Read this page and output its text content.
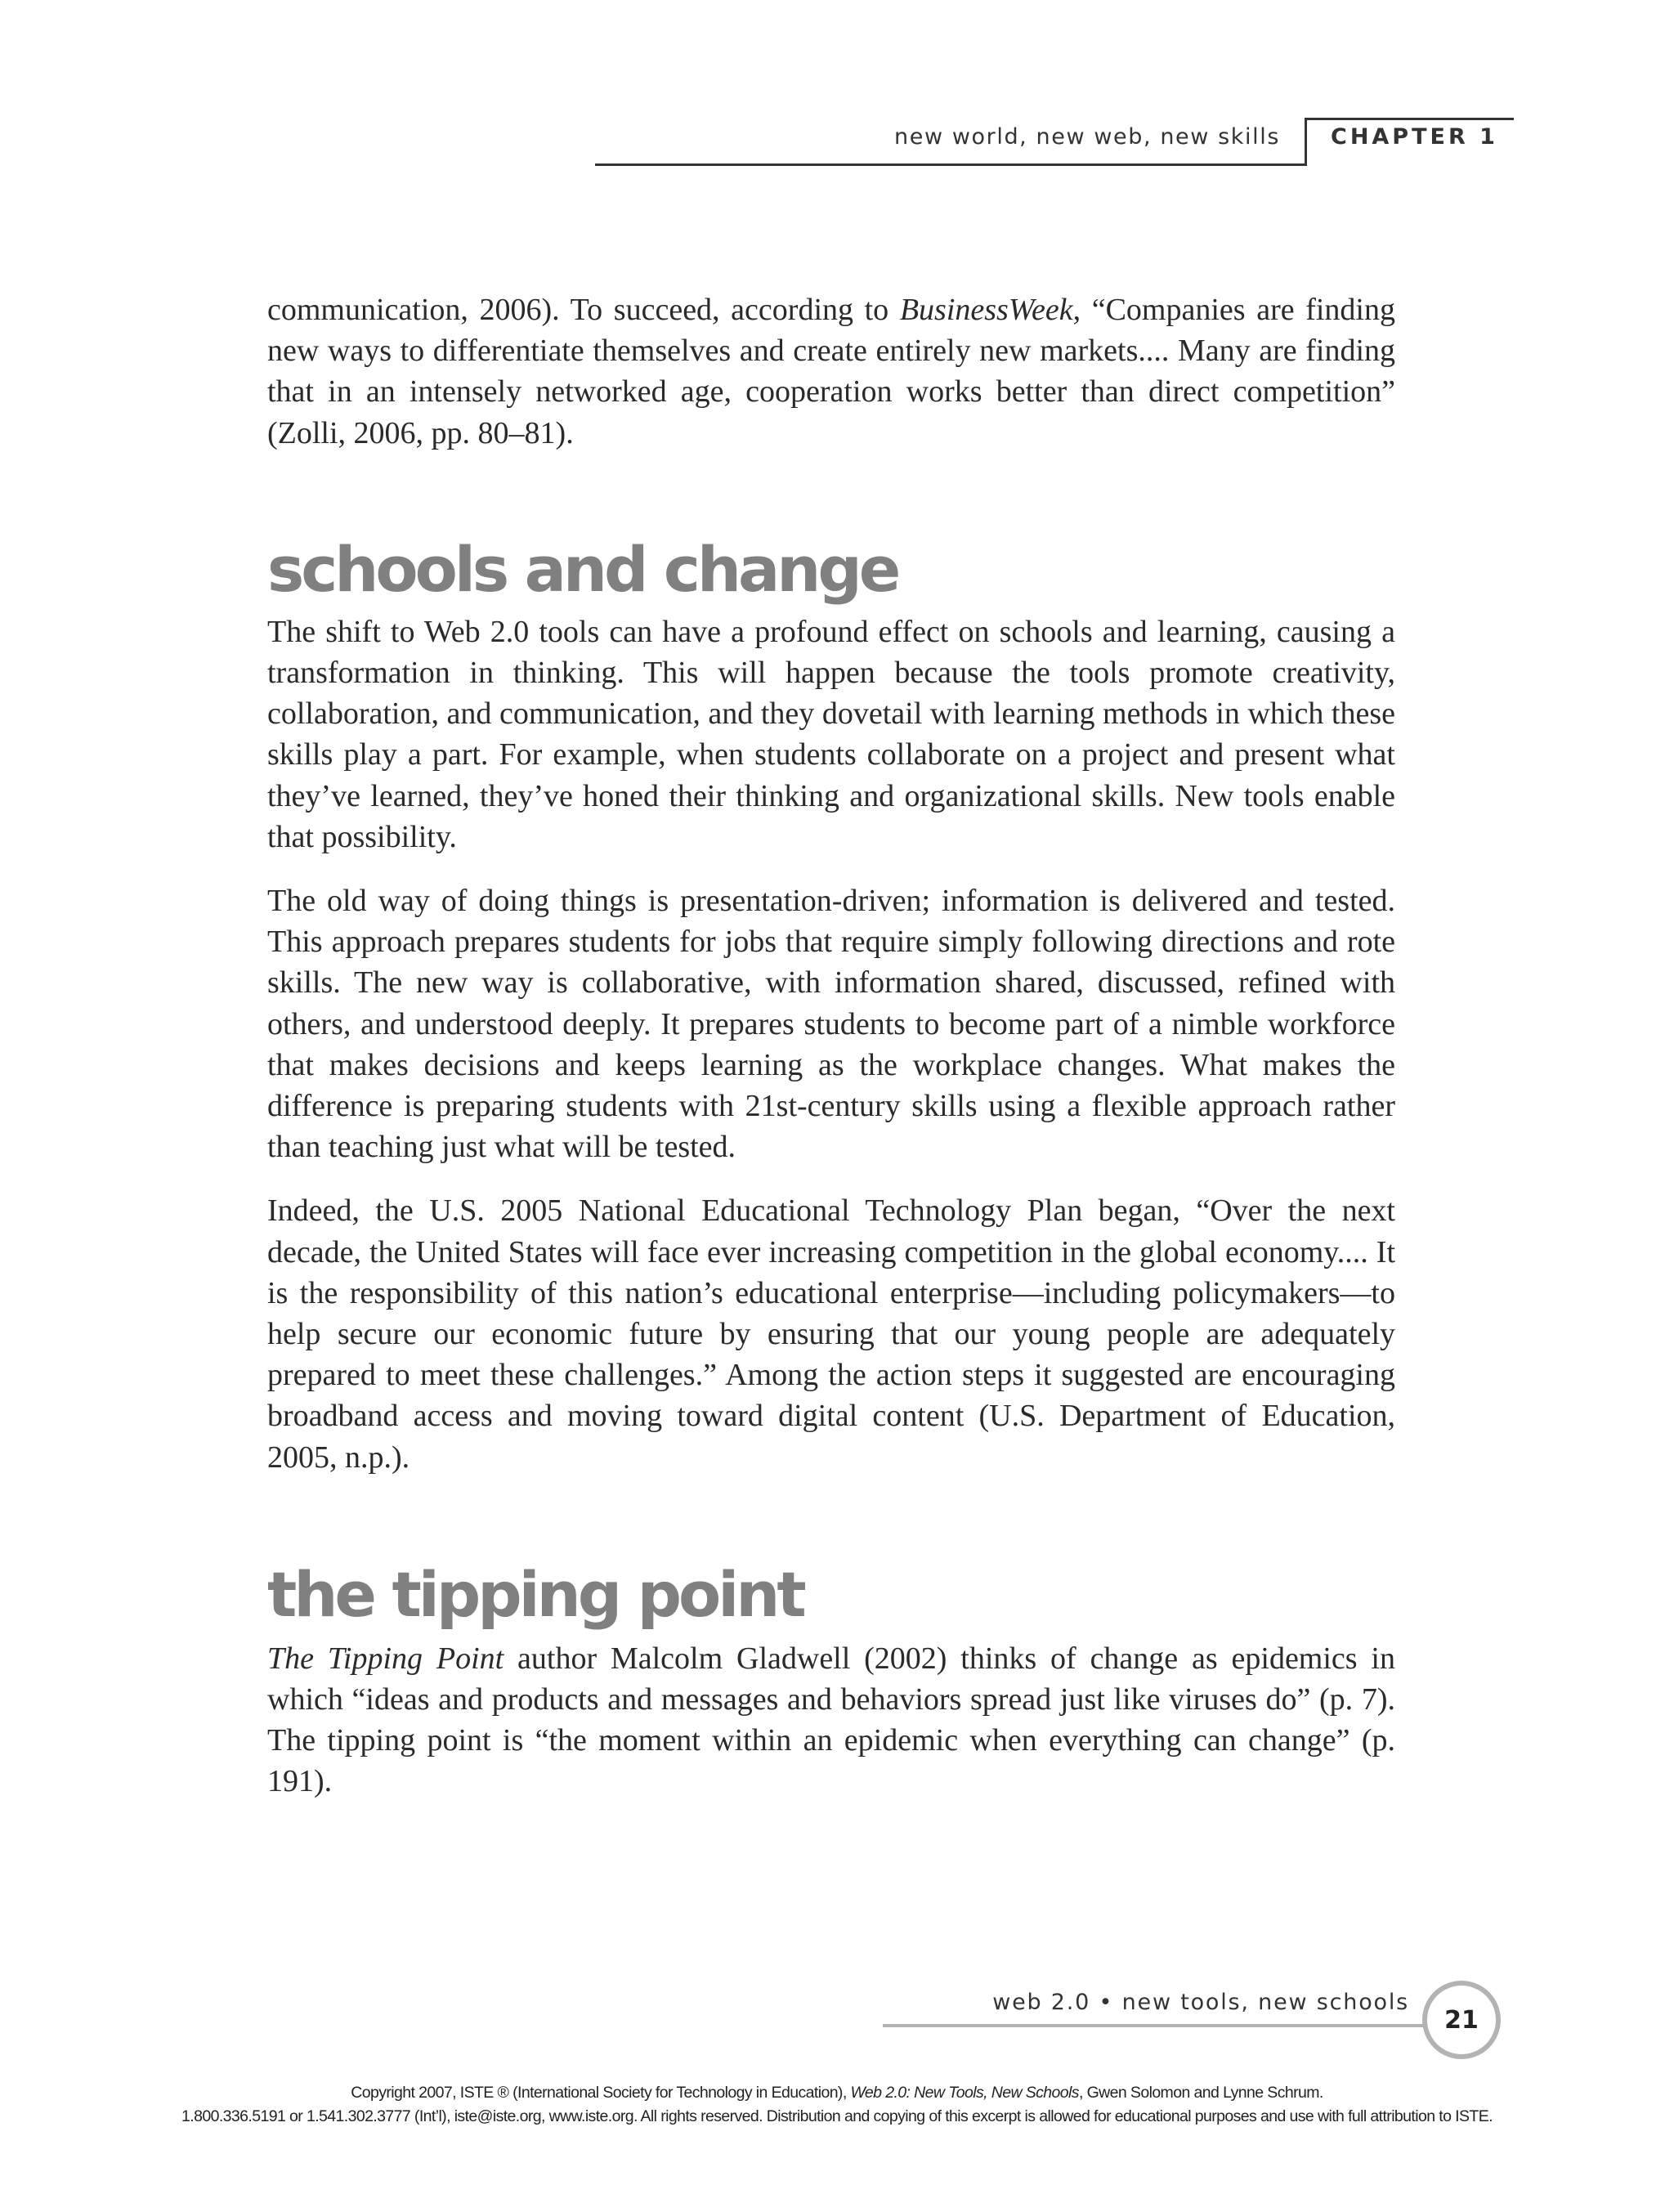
new world, new web, new skills CHAPTER 1

communication, 2006). To succeed, according to BusinessWeek, “Companies are finding new ways to differentiate themselves and create entirely new markets.... Many are finding that in an intensely networked age, cooperation works better than direct competition” (Zolli, 2006, pp. 80–81).

schools and change

The shift to Web 2.0 tools can have a profound effect on schools and learning, causing a transformation in thinking. This will happen because the tools promote creativity, collaboration, and communication, and they dovetail with learning methods in which these skills play a part. For example, when students collaborate on a project and present what they’ve learned, they’ve honed their thinking and organizational skills. New tools enable that possibility.

The old way of doing things is presentation-driven; information is delivered and tested. This approach prepares students for jobs that require simply following directions and rote skills. The new way is collaborative, with information shared, discussed, refined with others, and understood deeply. It prepares students to become part of a nimble workforce that makes decisions and keeps learning as the workplace changes. What makes the difference is preparing students with 21st-century skills using a flexible approach rather than teaching just what will be tested.

Indeed, the U.S. 2005 National Educational Technology Plan began, “Over the next decade, the United States will face ever increasing competition in the global economy.... It is the responsibility of this nation’s educational enterprise—including policymakers—to help secure our economic future by ensuring that our young people are adequately prepared to meet these challenges.” Among the action steps it suggested are encouraging broadband access and moving toward digital content (U.S. Department of Education, 2005, n.p.).

the tipping point

The Tipping Point author Malcolm Gladwell (2002) thinks of change as epidemics in which “ideas and products and messages and behaviors spread just like viruses do” (p. 7). The tipping point is “the moment within an epidemic when everything can change” (p. 191).

web 2.0 • new tools, new schools
21
Copyright 2007, ISTE ® (International Society for Technology in Education), Web 2.0: New Tools, New Schools, Gwen Solomon and Lynne Schrum.
1.800.336.5191 or 1.541.302.3777 (Int’l), iste@iste.org, www.iste.org. All rights reserved. Distribution and copying of this excerpt is allowed for educational purposes and use with full attribution to ISTE.
